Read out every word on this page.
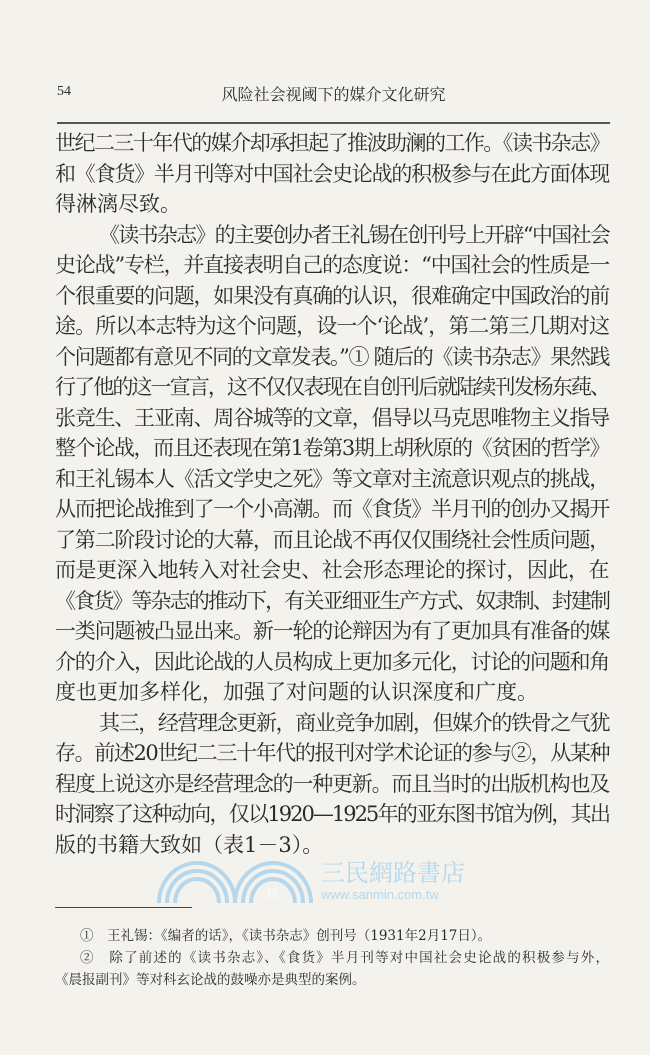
54	风险社会视阈下的媒介文化研究
世纪二三十年代的媒介却承担起了推波助澜的工作。《读书杂志》
和《食货》半月刊等对中国社会史论战的积极参与在此方面体现
得淋漓尽致。
《读书杂志》的主要创办者王礼锡在创刊号上开辟“中国社会
史论战”专栏，并直接表明自己的态度说：“中国社会的性质是一
个很重要的问题，如果没有真确的认识，很难确定中国政治的前
途。所以本志特为这个问题，设一个‘论战’，第二第三几期对这
个问题都有意见不同的文章发表。”① 随后的《读书杂志》果然践
行了他的这一宣言，这不仅仅表现在自创刊后就陆续刊发杨东莼、
张竞生、王亚南、周谷城等的文章，倡导以马克思唯物主义指导
整个论战，而且还表现在第1卷第3期上胡秋原的《贫困的哲学》
和王礼锡本人《活文学史之死》等文章对主流意识观点的挑战，
从而把论战推到了一个小高潮。而《食货》半月刊的创办又揭开
了第二阶段讨论的大幕，而且论战不再仅仅围绕社会性质问题，
而是更深入地转入对社会史、社会形态理论的探讨，因此，在
《食货》等杂志的推动下，有关亚细亚生产方式、奴隶制、封建制
一类问题被凸显出来。新一轮的论辩因为有了更加具有准备的媒
介的介入，因此论战的人员构成上更加多元化，讨论的问题和角
度也更加多样化，加强了对问题的认识深度和广度。
其三，经营理念更新，商业竞争加剧，但媒介的铁骨之气犹
存。前述20世纪二三十年代的报刊对学术论证的参与②，从某种
程度上说这亦是经营理念的一种更新。而且当时的出版机构也及
时洞察了这种动向，仅以1920—1925年的亚东图书馆为例，其出
版的书籍大致如（表1－3）。
三	民
三民網路書店
www.sanmin.com.tw
①　王礼锡：《编者的话》，《读书杂志》创刊号（1931年2月17日）。
②　除了前述的《读书杂志》、《食货》半月刊等对中国社会史论战的积极参与外，
《晨报副刊》等对科玄论战的鼓噪亦是典型的案例。
